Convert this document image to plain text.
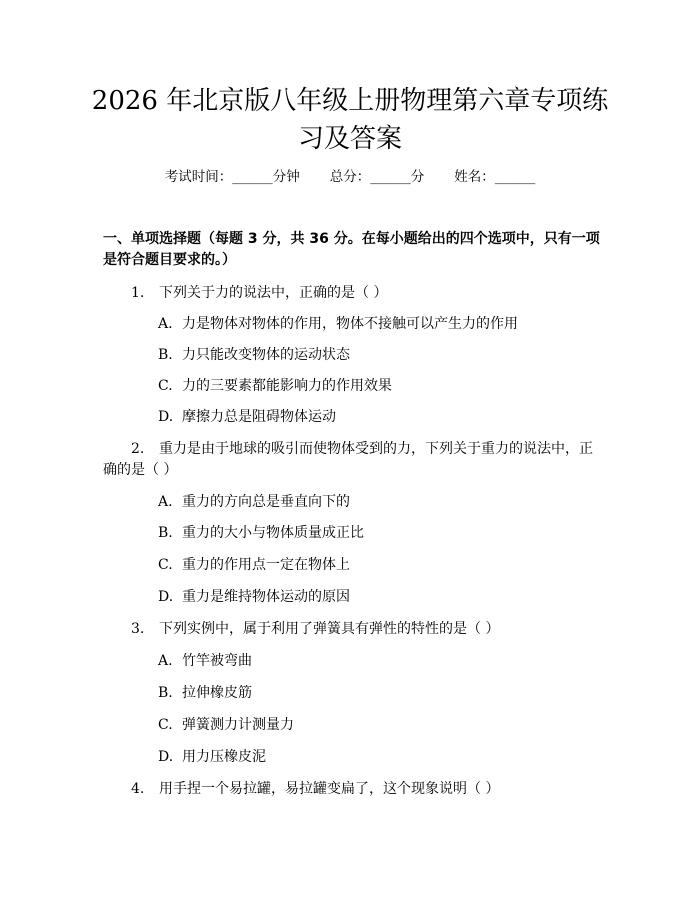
2026 年北京版八年级上册物理第六章专项练习及答案
考试时间：______分钟 总分：______分 姓名：______
一、单项选择题（每题 3 分，共 36 分。在每小题给出的四个选项中，只有一项是符合题目要求的。）
1. 下列关于力的说法中，正确的是（ ）
A. 力是物体对物体的作用，物体不接触可以产生力的作用
B. 力只能改变物体的运动状态
C. 力的三要素都能影响力的作用效果
D. 摩擦力总是阻碍物体运动
2. 重力是由于地球的吸引而使物体受到的力，下列关于重力的说法中，正确的是（ ）
A. 重力的方向总是垂直向下的
B. 重力的大小与物体质量成正比
C. 重力的作用点一定在物体上
D. 重力是维持物体运动的原因
3. 下列实例中，属于利用了弹簧具有弹性的特性的是（ ）
A. 竹竿被弯曲
B. 拉伸橡皮筋
C. 弹簧测力计测量力
D. 用力压橡皮泥
4. 用手捏一个易拉罐，易拉罐变扁了，这个现象说明（ ）
